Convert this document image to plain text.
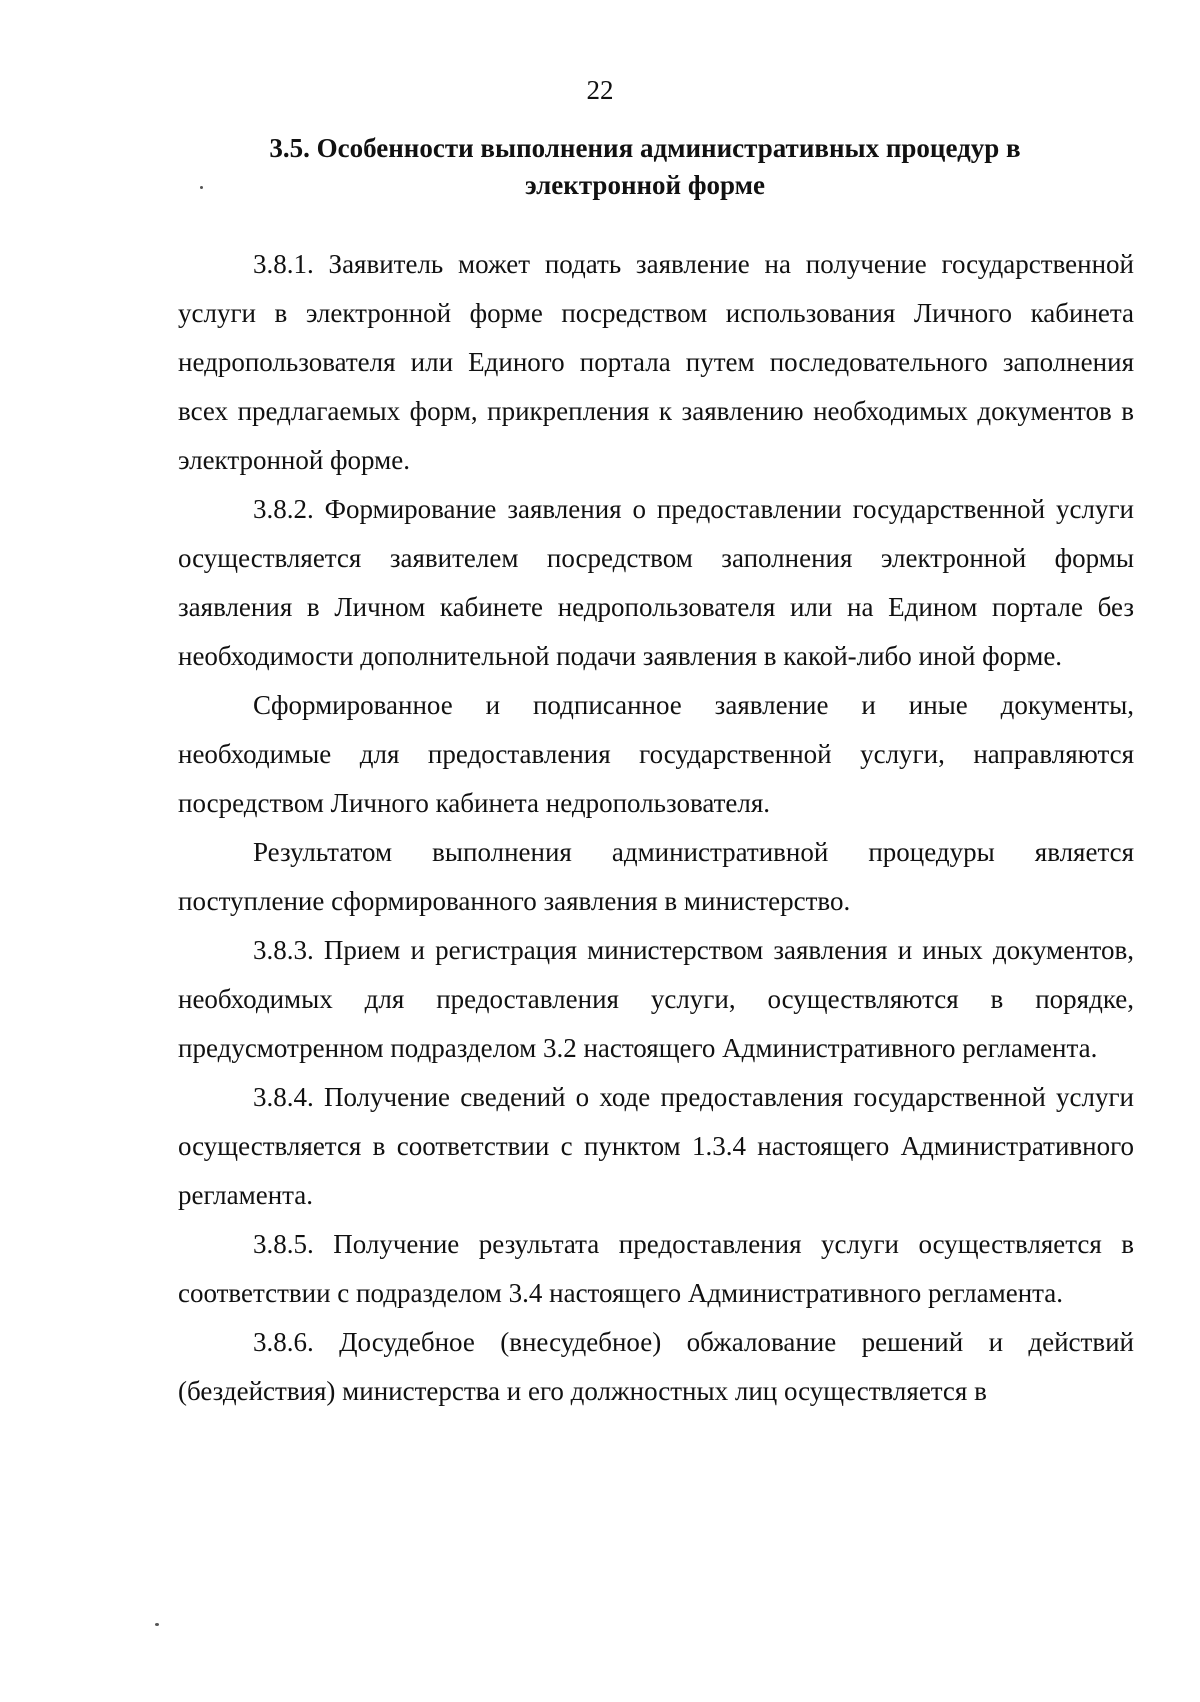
22
3.5. Особенности выполнения административных процедур в электронной форме

3.8.1. Заявитель может подать заявление на получение государственной услуги в электронной форме посредством использования Личного кабинета недропользователя или Единого портала путем последовательного заполнения всех предлагаемых форм, прикрепления к заявлению необходимых документов в электронной форме.

3.8.2. Формирование заявления о предоставлении государственной услуги осуществляется заявителем посредством заполнения электронной формы заявления в Личном кабинете недропользователя или на Едином портале без необходимости дополнительной подачи заявления в какой-либо иной форме.

Сформированное и подписанное заявление и иные документы, необходимые для предоставления государственной услуги, направляются посредством Личного кабинета недропользователя.

Результатом выполнения административной процедуры является поступление сформированного заявления в министерство.

3.8.3. Прием и регистрация министерством заявления и иных документов, необходимых для предоставления услуги, осуществляются в порядке, предусмотренном подразделом 3.2 настоящего Административного регламента.

3.8.4. Получение сведений о ходе предоставления государственной услуги осуществляется в соответствии с пунктом 1.3.4 настоящего Административного регламента.

3.8.5. Получение результата предоставления услуги осуществляется в соответствии с подразделом 3.4 настоящего Административного регламента.

3.8.6. Досудебное (внесудебное) обжалование решений и действий (бездействия) министерства и его должностных лиц осуществляется в
